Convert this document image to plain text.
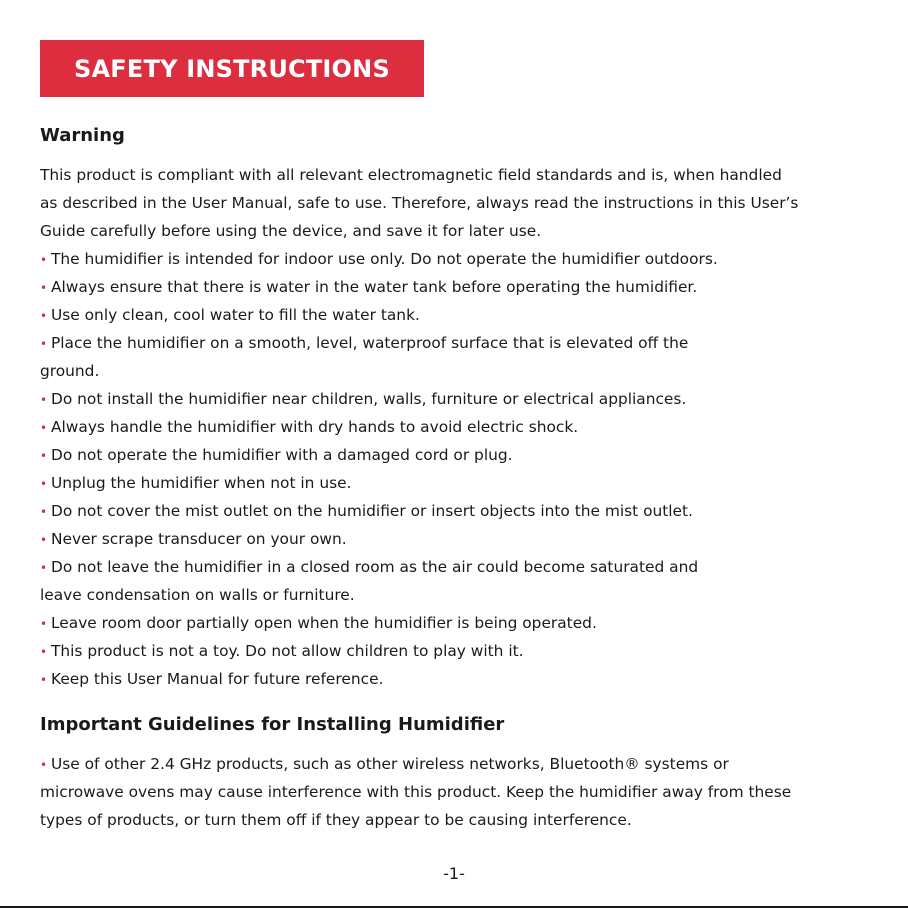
SAFETY INSTRUCTIONS
Warning
This product is compliant with all relevant electromagnetic field standards and is, when handled
as described in the User Manual, safe to use. Therefore, always read the instructions in this User’s
Guide carefully before using the device, and save it for later use.
• The humidifier is intended for indoor use only. Do not operate the humidifier outdoors.
• Always ensure that there is water in the water tank before operating the humidifier.
• Use only clean, cool water to fill the water tank.
• Place the humidifier on a smooth, level, waterproof surface that is elevated off the
ground.
• Do not install the humidifier near children, walls, furniture or electrical appliances.
• Always handle the humidifier with dry hands to avoid electric shock.
• Do not operate the humidifier with a damaged cord or plug.
• Unplug the humidifier when not in use.
• Do not cover the mist outlet on the humidifier or insert objects into the mist outlet.
• Never scrape transducer on your own.
• Do not leave the humidifier in a closed room as the air could become saturated and
leave condensation on walls or furniture.
• Leave room door partially open when the humidifier is being operated.
• This product is not a toy. Do not allow children to play with it.
• Keep this User Manual for future reference.
Important Guidelines for Installing Humidifier
• Use of other 2.4 GHz products, such as other wireless networks, Bluetooth® systems or
microwave ovens may cause interference with this product. Keep the humidifier away from these
types of products, or turn them off if they appear to be causing interference.
-1-
